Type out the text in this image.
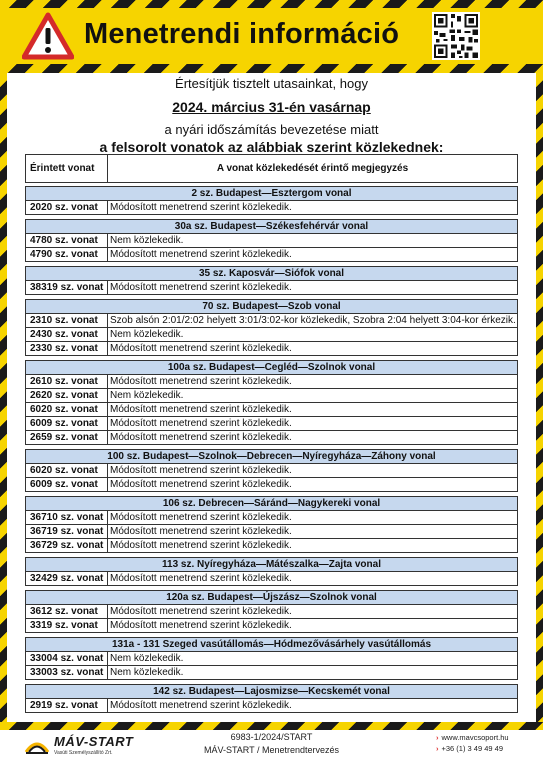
Menetrendi információ
Értesítjük tisztelt utasainkat, hogy
2024. március 31-én vasárnap
a nyári időszámítás bevezetése miatt
a felsorolt vonatok az alábbiak szerint közlekednek:
Érintett vonat	A vonat közlekedését érintő megjegyzés
2 sz. Budapest—Esztergom vonal
2020 sz. vonat	Módosított menetrend szerint közlekedik.
30a sz. Budapest—Székesfehérvár vonal
4780 sz. vonat	Nem közlekedik.
4790 sz. vonat	Módosított menetrend szerint közlekedik.
35 sz. Kaposvár—Siófok vonal
38319 sz. vonat Módosított menetrend szerint közlekedik.
70 sz. Budapest—Szob vonal
2310 sz. vonat	Szob alsón 2:01/2:02 helyett 3:01/3:02-kor közlekedik, Szobra 2:04 helyett 3:04-kor érkezik.
2430 sz. vonat	Nem közlekedik.
2330 sz. vonat	Módosított menetrend szerint közlekedik.
100a sz. Budapest—Cegléd—Szolnok vonal
2610 sz. vonat	Módosított menetrend szerint közlekedik.
2620 sz. vonat	Nem közlekedik.
6020 sz. vonat	Módosított menetrend szerint közlekedik.
6009 sz. vonat	Módosított menetrend szerint közlekedik.
2659 sz. vonat	Módosított menetrend szerint közlekedik.
100 sz. Budapest—Szolnok—Debrecen—Nyíregyháza—Záhony vonal
6020 sz. vonat	Módosított menetrend szerint közlekedik.
6009 sz. vonat	Módosított menetrend szerint közlekedik.
106 sz. Debrecen—Sáránd—Nagykereki vonal
36710 sz. vonat Módosított menetrend szerint közlekedik.
36719 sz. vonat Módosított menetrend szerint közlekedik.
36729 sz. vonat Módosított menetrend szerint közlekedik.
113 sz. Nyíregyháza—Mátészalka—Zajta vonal
32429 sz. vonat Módosított menetrend szerint közlekedik.
120a sz. Budapest—Újszász—Szolnok vonal
3612 sz. vonat	Módosított menetrend szerint közlekedik.
3319 sz. vonat	Módosított menetrend szerint közlekedik.
131a - 131 Szeged vasútállomás—Hódmezővásárhely vasútállomás
33004 sz. vonat Nem közlekedik.
33003 sz. vonat Nem közlekedik.
142 sz. Budapest—Lajosmizse—Kecskemét vonal
2919 sz. vonat	Módosított menetrend szerint közlekedik.
MÁV-START
Vasúti Személyszállító Zrt.
6983-1/2024/START
MÁV-START / Menetrendtervezés
› www.mavcsoport.hu
› +36 (1) 3 49 49 49
